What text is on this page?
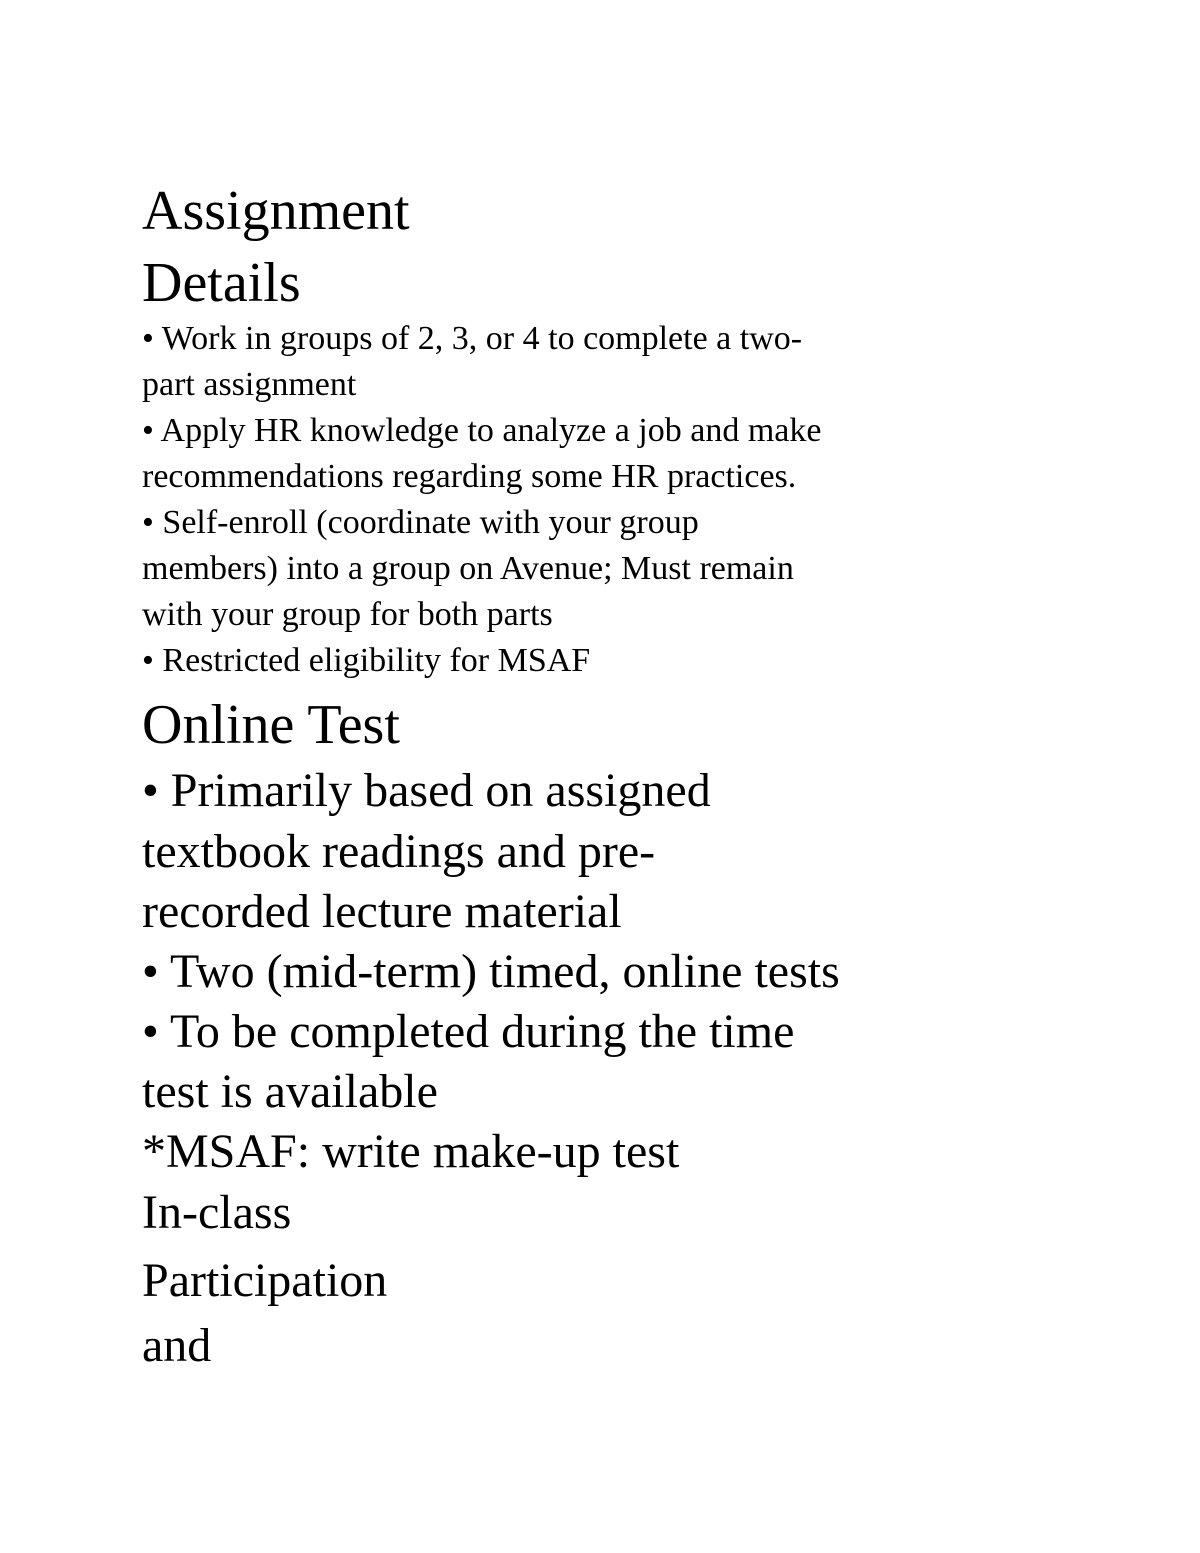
Assignment
Details
• Work in groups of 2, 3, or 4 to complete a two-
part assignment
• Apply HR knowledge to analyze a job and make
recommendations regarding some HR practices.
• Self-enroll (coordinate with your group
members) into a group on Avenue; Must remain
with your group for both parts
• Restricted eligibility for MSAF
Online Test
• Primarily based on assigned
textbook readings and pre-
recorded lecture material
• Two (mid-term) timed, online tests
• To be completed during the time
test is available
*MSAF: write make-up test
In-class
Participation
and
